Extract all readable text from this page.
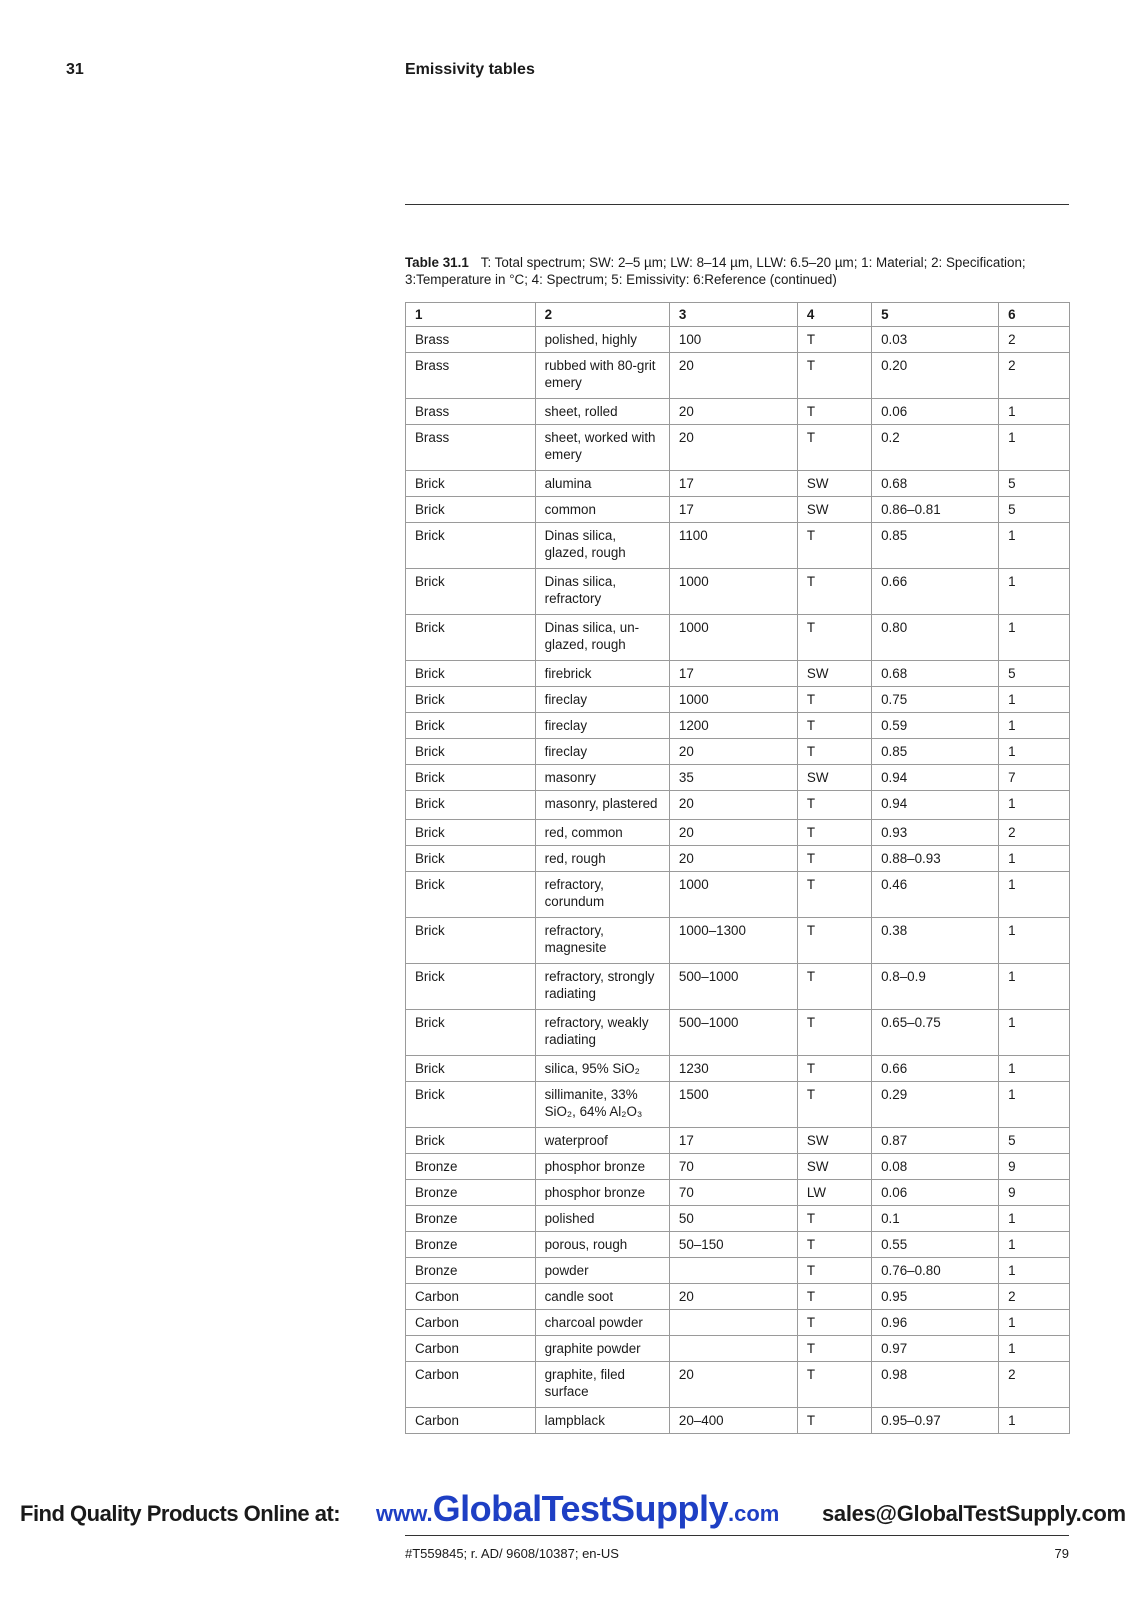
31	Emissivity tables
Table 31.1 T: Total spectrum; SW: 2–5 µm; LW: 8–14 µm, LLW: 6.5–20 µm; 1: Material; 2: Specification; 3:Temperature in °C; 4: Spectrum; 5: Emissivity: 6:Reference (continued)
1	2	3	4	5	6
Brass	polished, highly	100	T	0.03	2
Brass	rubbed with 80-grit emery	20	T	0.20	2
Brass	sheet, rolled	20	T	0.06	1
Brass	sheet, worked with emery	20	T	0.2	1
Brick	alumina	17	SW	0.68	5
Brick	common	17	SW	0.86–0.81	5
Brick	Dinas silica, glazed, rough	1100	T	0.85	1
Brick	Dinas silica, refractory	1000	T	0.66	1
Brick	Dinas silica, un-glazed, rough	1000	T	0.80	1
Brick	firebrick	17	SW	0.68	5
Brick	fireclay	1000	T	0.75	1
Brick	fireclay	1200	T	0.59	1
Brick	fireclay	20	T	0.85	1
Brick	masonry	35	SW	0.94	7
Brick	masonry, plastered	20	T	0.94	1
Brick	red, common	20	T	0.93	2
Brick	red, rough	20	T	0.88–0.93	1
Brick	refractory, corundum	1000	T	0.46	1
Brick	refractory, magnesite	1000–1300	T	0.38	1
Brick	refractory, strongly radiating	500–1000	T	0.8–0.9	1
Brick	refractory, weakly radiating	500–1000	T	0.65–0.75	1
Brick	silica, 95% SiO₂	1230	T	0.66	1
Brick	sillimanite, 33% SiO₂, 64% Al₂O₃	1500	T	0.29	1
Brick	waterproof	17	SW	0.87	5
Bronze	phosphor bronze	70	SW	0.08	9
Bronze	phosphor bronze	70	LW	0.06	9
Bronze	polished	50	T	0.1	1
Bronze	porous, rough	50–150	T	0.55	1
Bronze	powder		T	0.76–0.80	1
Carbon	candle soot	20	T	0.95	2
Carbon	charcoal powder		T	0.96	1
Carbon	graphite powder		T	0.97	1
Carbon	graphite, filed surface	20	T	0.98	2
Carbon	lampblack	20–400	T	0.95–0.97	1
Find Quality Products Online at: www.GlobalTestSupply.com sales@GlobalTestSupply.com
#T559845; r. AD/ 9608/10387; en-US	79
